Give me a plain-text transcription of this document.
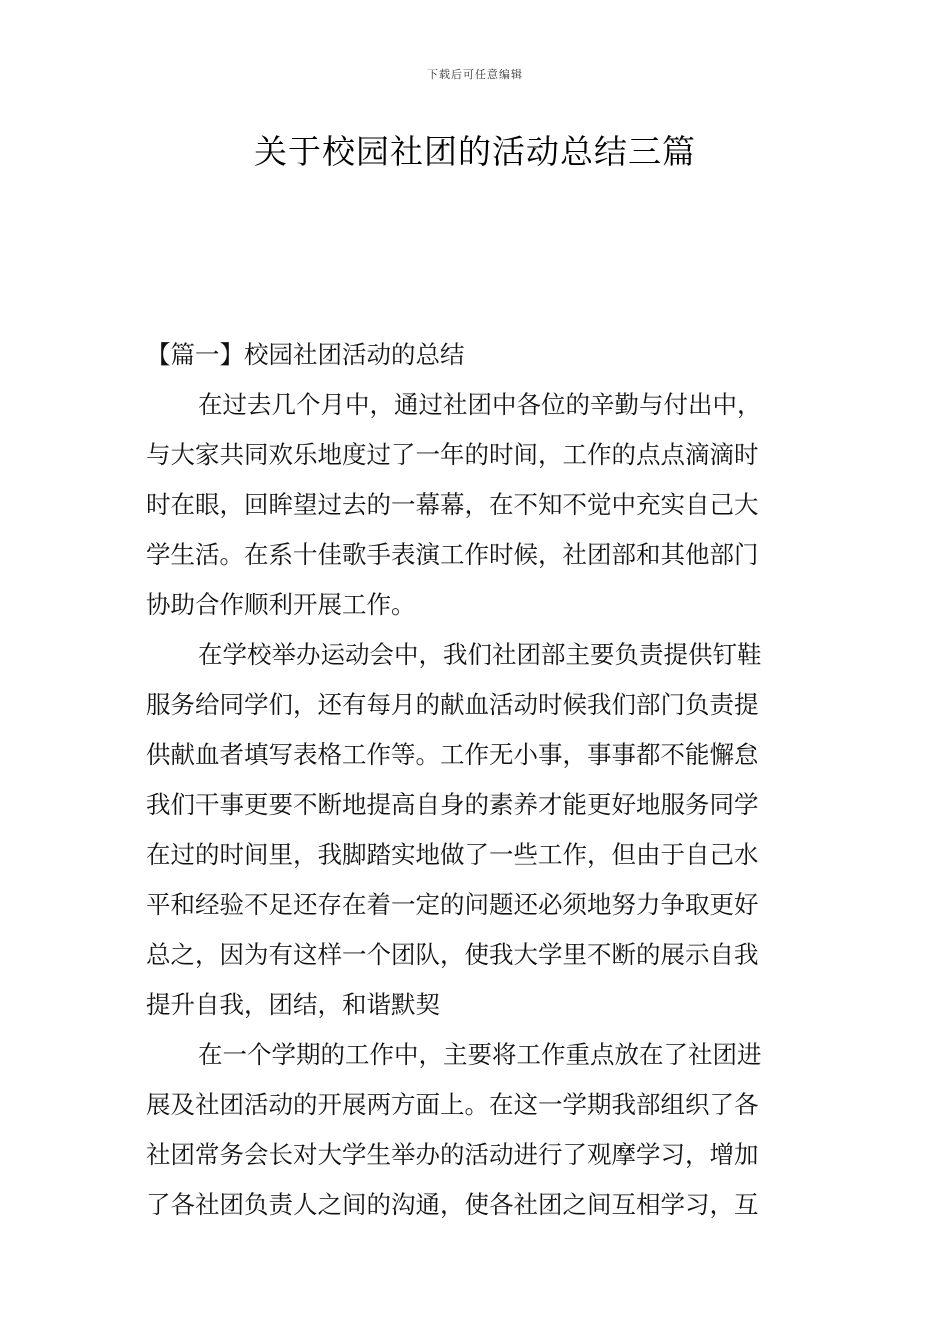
下载后可任意编辑
关于校园社团的活动总结三篇
【篇一】校园社团活动的总结
在过去几个月中，通过社团中各位的辛勤与付出中，
与大家共同欢乐地度过了一年的时间，工作的点点滴滴时
时在眼，回眸望过去的一幕幕，在不知不觉中充实自己大
学生活。在系十佳歌手表演工作时候，社团部和其他部门
协助合作顺利开展工作。
在学校举办运动会中，我们社团部主要负责提供钉鞋
服务给同学们，还有每月的献血活动时候我们部门负责提
供献血者填写表格工作等。工作无小事，事事都不能懈怠
我们干事更要不断地提高自身的素养才能更好地服务同学
在过的时间里，我脚踏实地做了一些工作，但由于自己水
平和经验不足还存在着一定的问题还必须地努力争取更好
总之，因为有这样一个团队，使我大学里不断的展示自我
提升自我，团结，和谐默契
在一个学期的工作中，主要将工作重点放在了社团进
展及社团活动的开展两方面上。在这一学期我部组织了各
社团常务会长对大学生举办的活动进行了观摩学习，增加
了各社团负责人之间的沟通，使各社团之间互相学习，互
